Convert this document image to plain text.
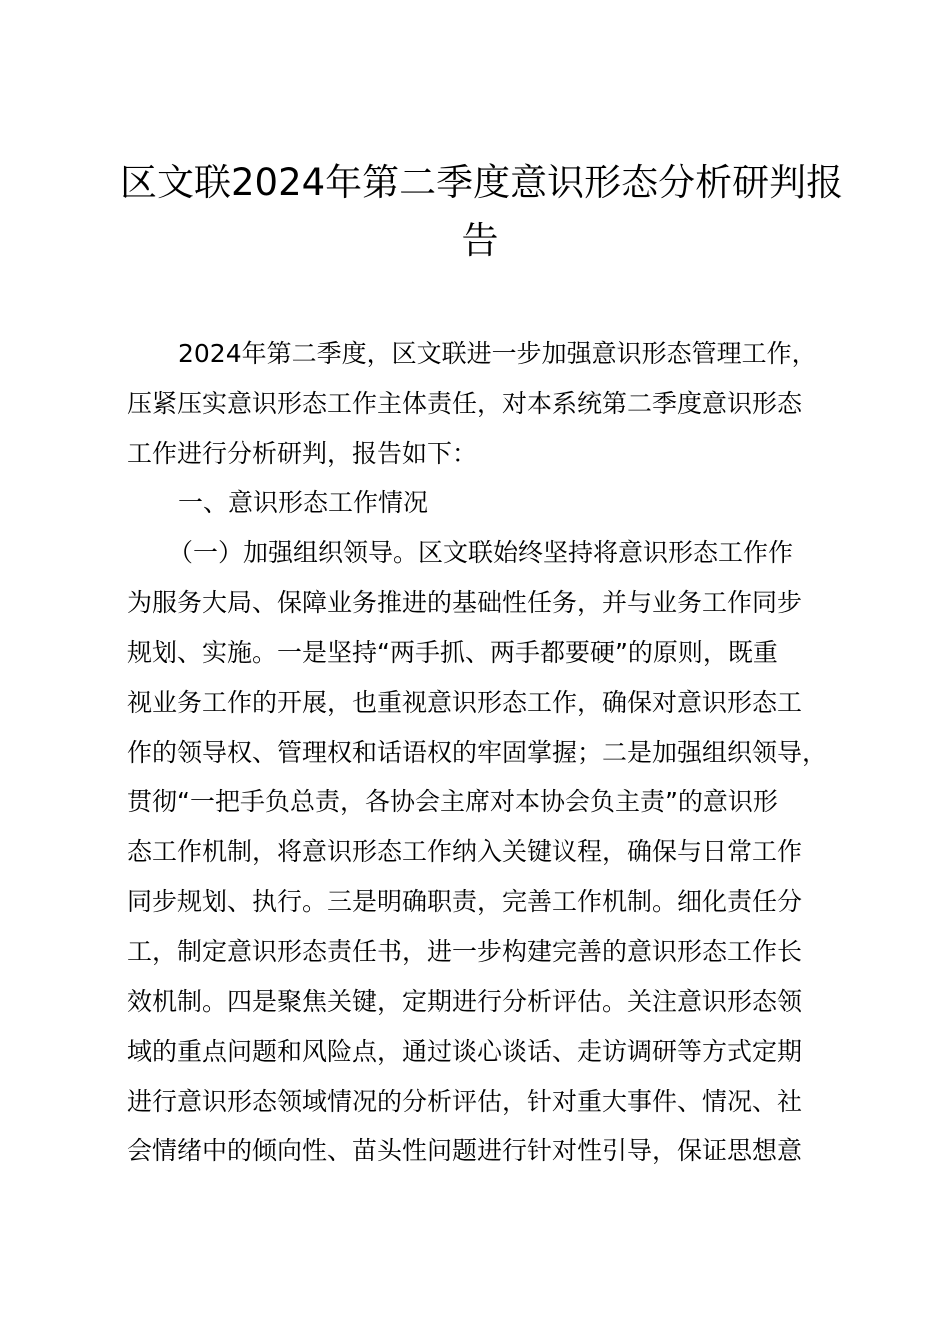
区文联2024年第二季度意识形态分析研判报
告

2024年第二季度，区文联进一步加强意识形态管理工作，

压紧压实意识形态工作主体责任，对本系统第二季度意识形态

工作进行分析研判，报告如下：

一、意识形态工作情况

（一）加强组织领导。区文联始终坚持将意识形态工作作

为服务大局、保障业务推进的基础性任务，并与业务工作同步

规划、实施。一是坚持“两手抓、两手都要硬”的原则，既重

视业务工作的开展，也重视意识形态工作，确保对意识形态工

作的领导权、管理权和话语权的牢固掌握；二是加强组织领导，

贯彻“一把手负总责，各协会主席对本协会负主责”的意识形

态工作机制，将意识形态工作纳入关键议程，确保与日常工作

同步规划、执行。三是明确职责，完善工作机制。细化责任分

工，制定意识形态责任书，进一步构建完善的意识形态工作长

效机制。四是聚焦关键，定期进行分析评估。关注意识形态领

域的重点问题和风险点，通过谈心谈话、走访调研等方式定期

进行意识形态领域情况的分析评估，针对重大事件、情况、社

会情绪中的倾向性、苗头性问题进行针对性引导，保证思想意
